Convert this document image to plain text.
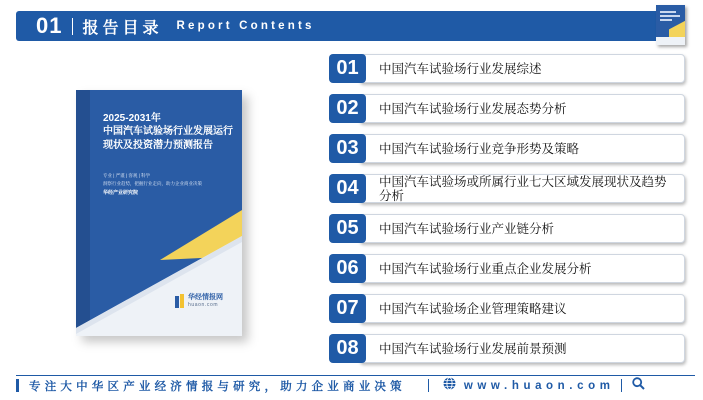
01 报告目录 Report Contents
2025-2031年
中国汽车试验场行业发展运行现状及投资潜力预测报告
专业 | 严谨 | 客观 | 科学
洞察行业趋势，把握行业走向，助力企业商业决策
华经产业研究院
华经情报网
huaon.com
01	中国汽车试验场行业发展综述
02	中国汽车试验场行业发展态势分析
03	中国汽车试验场行业竞争形势及策略
04	中国汽车试验场或所属行业七大区域发展现状及趋势分析
05	中国汽车试验场行业产业链分析
06	中国汽车试验场行业重点企业发展分析
07	中国汽车试验场企业管理策略建议
08	中国汽车试验场行业发展前景预测
专注大中华区产业经济情报与研究，助力企业商业决策	www.huaon.com
